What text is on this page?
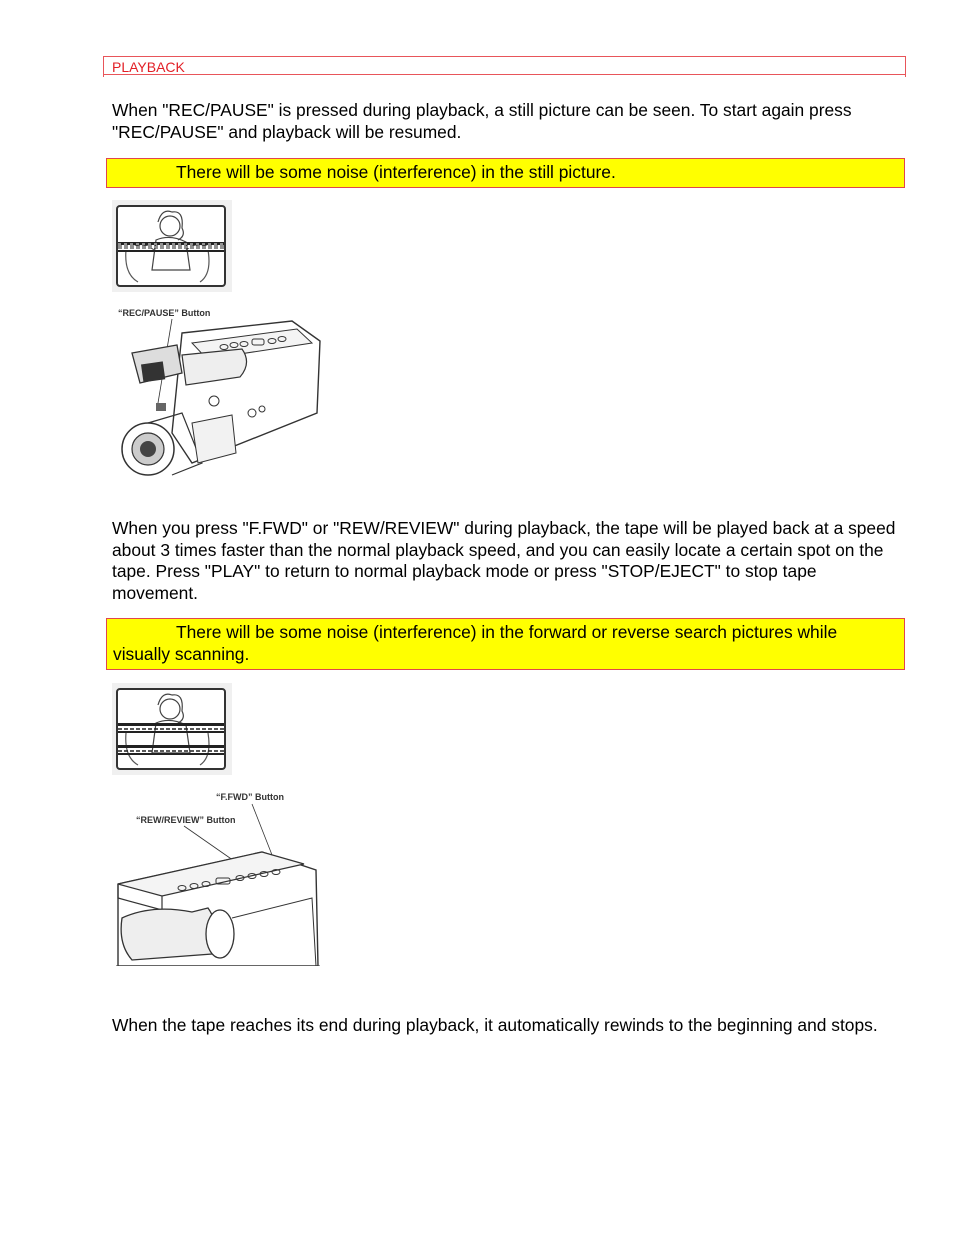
PLAYBACK
When "REC/PAUSE" is pressed during playback, a still picture can be seen. To start again press "REC/PAUSE" and playback will be resumed.
There will be some noise (interference) in the still picture.
“REC/PAUSE” Button
When you press "F.FWD" or "REW/REVIEW" during playback, the tape will be played back at a speed about 3 times faster than the normal playback speed, and you can easily locate a certain spot on the tape. Press "PLAY" to return to normal playback mode or press "STOP/EJECT" to stop tape movement.
There will be some noise (interference) in the forward or reverse search pictures while visually scanning.
“F.FWD” Button
“REW/REVIEW” Button
When the tape reaches its end during playback, it automatically rewinds to the beginning and stops.
